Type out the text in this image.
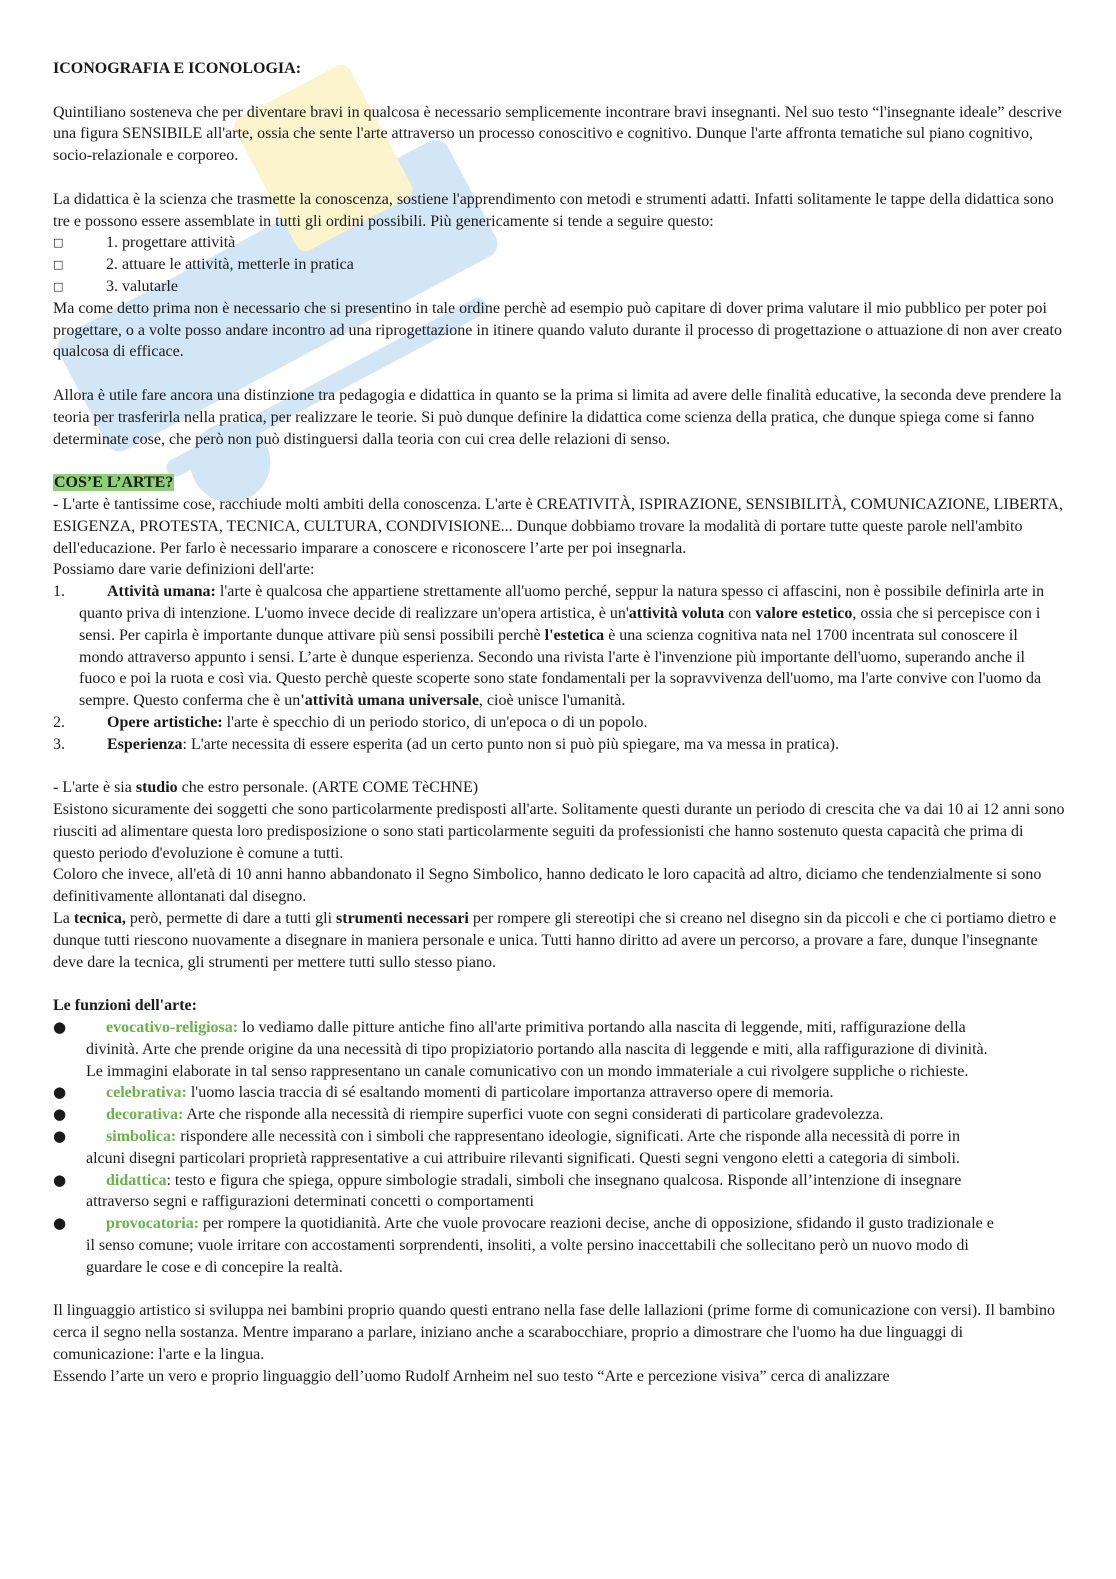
ICONOGRAFIA E ICONOLOGIA:

Quintiliano sosteneva che per diventare bravi in qualcosa è necessario semplicemente incontrare bravi insegnanti. Nel suo testo “l'insegnante ideale” descrive una figura SENSIBILE all'arte, ossia che sente l'arte attraverso un processo conoscitivo e cognitivo. Dunque l'arte affronta tematiche sul piano cognitivo, socio-relazionale e corporeo.

La didattica è la scienza che trasmette la conoscenza, sostiene l'apprendimento con metodi e strumenti adatti. Infatti solitamente le tappe della didattica sono tre e possono essere assemblate in tutti gli ordini possibili. Più genericamente si tende a seguire questo:

□	1. progettare attività
□	2. attuare le attività, metterle in pratica
□	3. valutarle

Ma come detto prima non è necessario che si presentino in tale ordine perchè ad esempio può capitare di dover prima valutare il mio pubblico per poter poi progettare, o a volte posso andare incontro ad una riprogettazione in itinere quando valuto durante il processo di progettazione o attuazione di non aver creato qualcosa di efficace.

Allora è utile fare ancora una distinzione tra pedagogia e didattica in quanto se la prima si limita ad avere delle finalità educative, la seconda deve prendere la teoria per trasferirla nella pratica, per realizzare le teorie. Si può dunque definire la didattica come scienza della pratica, che dunque spiega come si fanno determinate cose, che però non può distinguersi dalla teoria con cui crea delle relazioni di senso.

COS’E L’ARTE?

- L'arte è tantissime cose, racchiude molti ambiti della conoscenza. L'arte è CREATIVITÀ, ISPIRAZIONE, SENSIBILITÀ, COMUNICAZIONE, LIBERTA, ESIGENZA, PROTESTA, TECNICA, CULTURA, CONDIVISIONE... Dunque dobbiamo trovare la modalità di portare tutte queste parole nell'ambito dell'educazione. Per farlo è necessario imparare a conoscere e riconoscere l’arte per poi insegnarla.

Possiamo dare varie definizioni dell'arte:

1.	Attività umana: l'arte è qualcosa che appartiene strettamente all'uomo perché, seppur la natura spesso ci affascini, non è possibile definirla arte in quanto priva di intenzione. L'uomo invece decide di realizzare un'opera artistica, è un'attività voluta con valore estetico, ossia che si percepisce con i sensi. Per capirla è importante dunque attivare più sensi possibili perchè l'estetica è una scienza cognitiva nata nel 1700 incentrata sul conoscere il mondo attraverso appunto i sensi. L’arte è dunque esperienza. Secondo una rivista l'arte è l'invenzione più importante dell'uomo, superando anche il fuoco e poi la ruota e così via. Questo perchè queste scoperte sono state fondamentali per la sopravvivenza dell'uomo, ma l'arte convive con l'uomo da sempre. Questo conferma che è un'attività umana universale, cioè unisce l'umanità.
2.	Opere artistiche: l'arte è specchio di un periodo storico, di un'epoca o di un popolo.
3.	Esperienza: L'arte necessita di essere esperita (ad un certo punto non si può più spiegare, ma va messa in pratica).

- L'arte è sia studio che estro personale. (ARTE COME TèCHNE)

Esistono sicuramente dei soggetti che sono particolarmente predisposti all'arte. Solitamente questi durante un periodo di crescita che va dai 10 ai 12 anni sono riusciti ad alimentare questa loro predisposizione o sono stati particolarmente seguiti da professionisti che hanno sostenuto questa capacità che prima di questo periodo d'evoluzione è comune a tutti.

Coloro che invece, all'età di 10 anni hanno abbandonato il Segno Simbolico, hanno dedicato le loro capacità ad altro, diciamo che tendenzialmente si sono definitivamente allontanati dal disegno.

La tecnica, però, permette di dare a tutti gli strumenti necessari per rompere gli stereotipi che si creano nel disegno sin da piccoli e che ci portiamo dietro e dunque tutti riescono nuovamente a disegnare in maniera personale e unica. Tutti hanno diritto ad avere un percorso, a provare a fare, dunque l'insegnante deve dare la tecnica, gli strumenti per mettere tutti sullo stesso piano.

Le funzioni dell'arte:

●	evocativo-religiosa: lo vediamo dalle pitture antiche fino all'arte primitiva portando alla nascita di leggende, miti, raffigurazione della divinità. Arte che prende origine da una necessità di tipo propiziatorio portando alla nascita di leggende e miti, alla raffigurazione di divinità. Le immagini elaborate in tal senso rappresentano un canale comunicativo con un mondo immateriale a cui rivolgere suppliche o richieste.
●	celebrativa: l'uomo lascia traccia di sé esaltando momenti di particolare importanza attraverso opere di memoria.
●	decorativa: Arte che risponde alla necessità di riempire superfici vuote con segni considerati di particolare gradevolezza.
●	simbolica: rispondere alle necessità con i simboli che rappresentano ideologie, significati. Arte che risponde alla necessità di porre in alcuni disegni particolari proprietà rappresentative a cui attribuire rilevanti significati. Questi segni vengono eletti a categoria di simboli.
●	didattica: testo e figura che spiega, oppure simbologie stradali, simboli che insegnano qualcosa. Risponde all’intenzione di insegnare attraverso segni e raffigurazioni determinati concetti o comportamenti
●	provocatoria: per rompere la quotidianità. Arte che vuole provocare reazioni decise, anche di opposizione, sfidando il gusto tradizionale e il senso comune; vuole irritare con accostamenti sorprendenti, insoliti, a volte persino inaccettabili che sollecitano però un nuovo modo di guardare le cose e di concepire la realtà.

Il linguaggio artistico si sviluppa nei bambini proprio quando questi entrano nella fase delle lallazioni (prime forme di comunicazione con versi). Il bambino cerca il segno nella sostanza. Mentre imparano a parlare, iniziano anche a scarabocchiare, proprio a dimostrare che l'uomo ha due linguaggi di comunicazione: l'arte e la lingua.

Essendo l’arte un vero e proprio linguaggio dell’uomo Rudolf Arnheim nel suo testo “Arte e percezione visiva” cerca di analizzare
